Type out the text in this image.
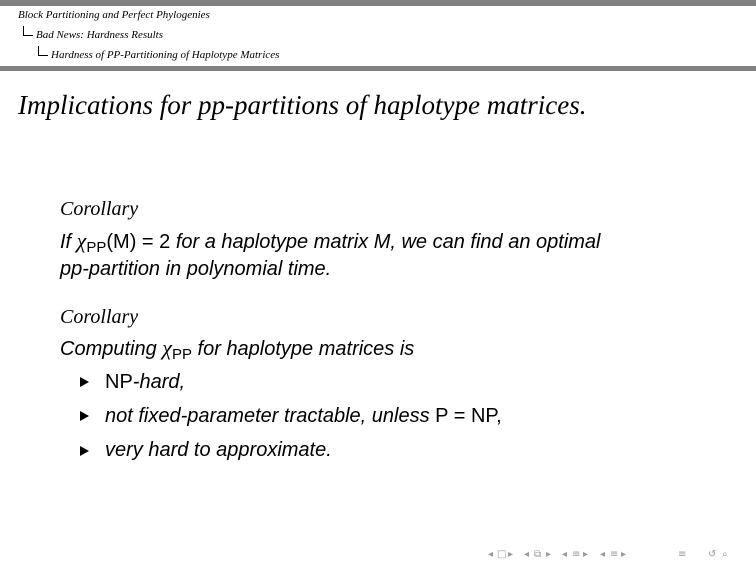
Block Partitioning and Perfect Phylogenies
Bad News: Hardness Results
Hardness of PP-Partitioning of Haplotype Matrices
Implications for pp-partitions of haplotype matrices.
Corollary
If $\chi_{PP}(M) = 2$ for a haplotype matrix M, we can find an optimal
pp-partition in polynomial time.
Corollary
Computing $\chi_{PP}$ for haplotype matrices is
NP-hard,
not fixed-parameter tractable, unless P = NP,
very hard to approximate.
◂ □ ▸ ◂ ⧉ ▸ ◂ ≡ ▸ ◂ ≡ ▸	≡ ↺ ⌕
